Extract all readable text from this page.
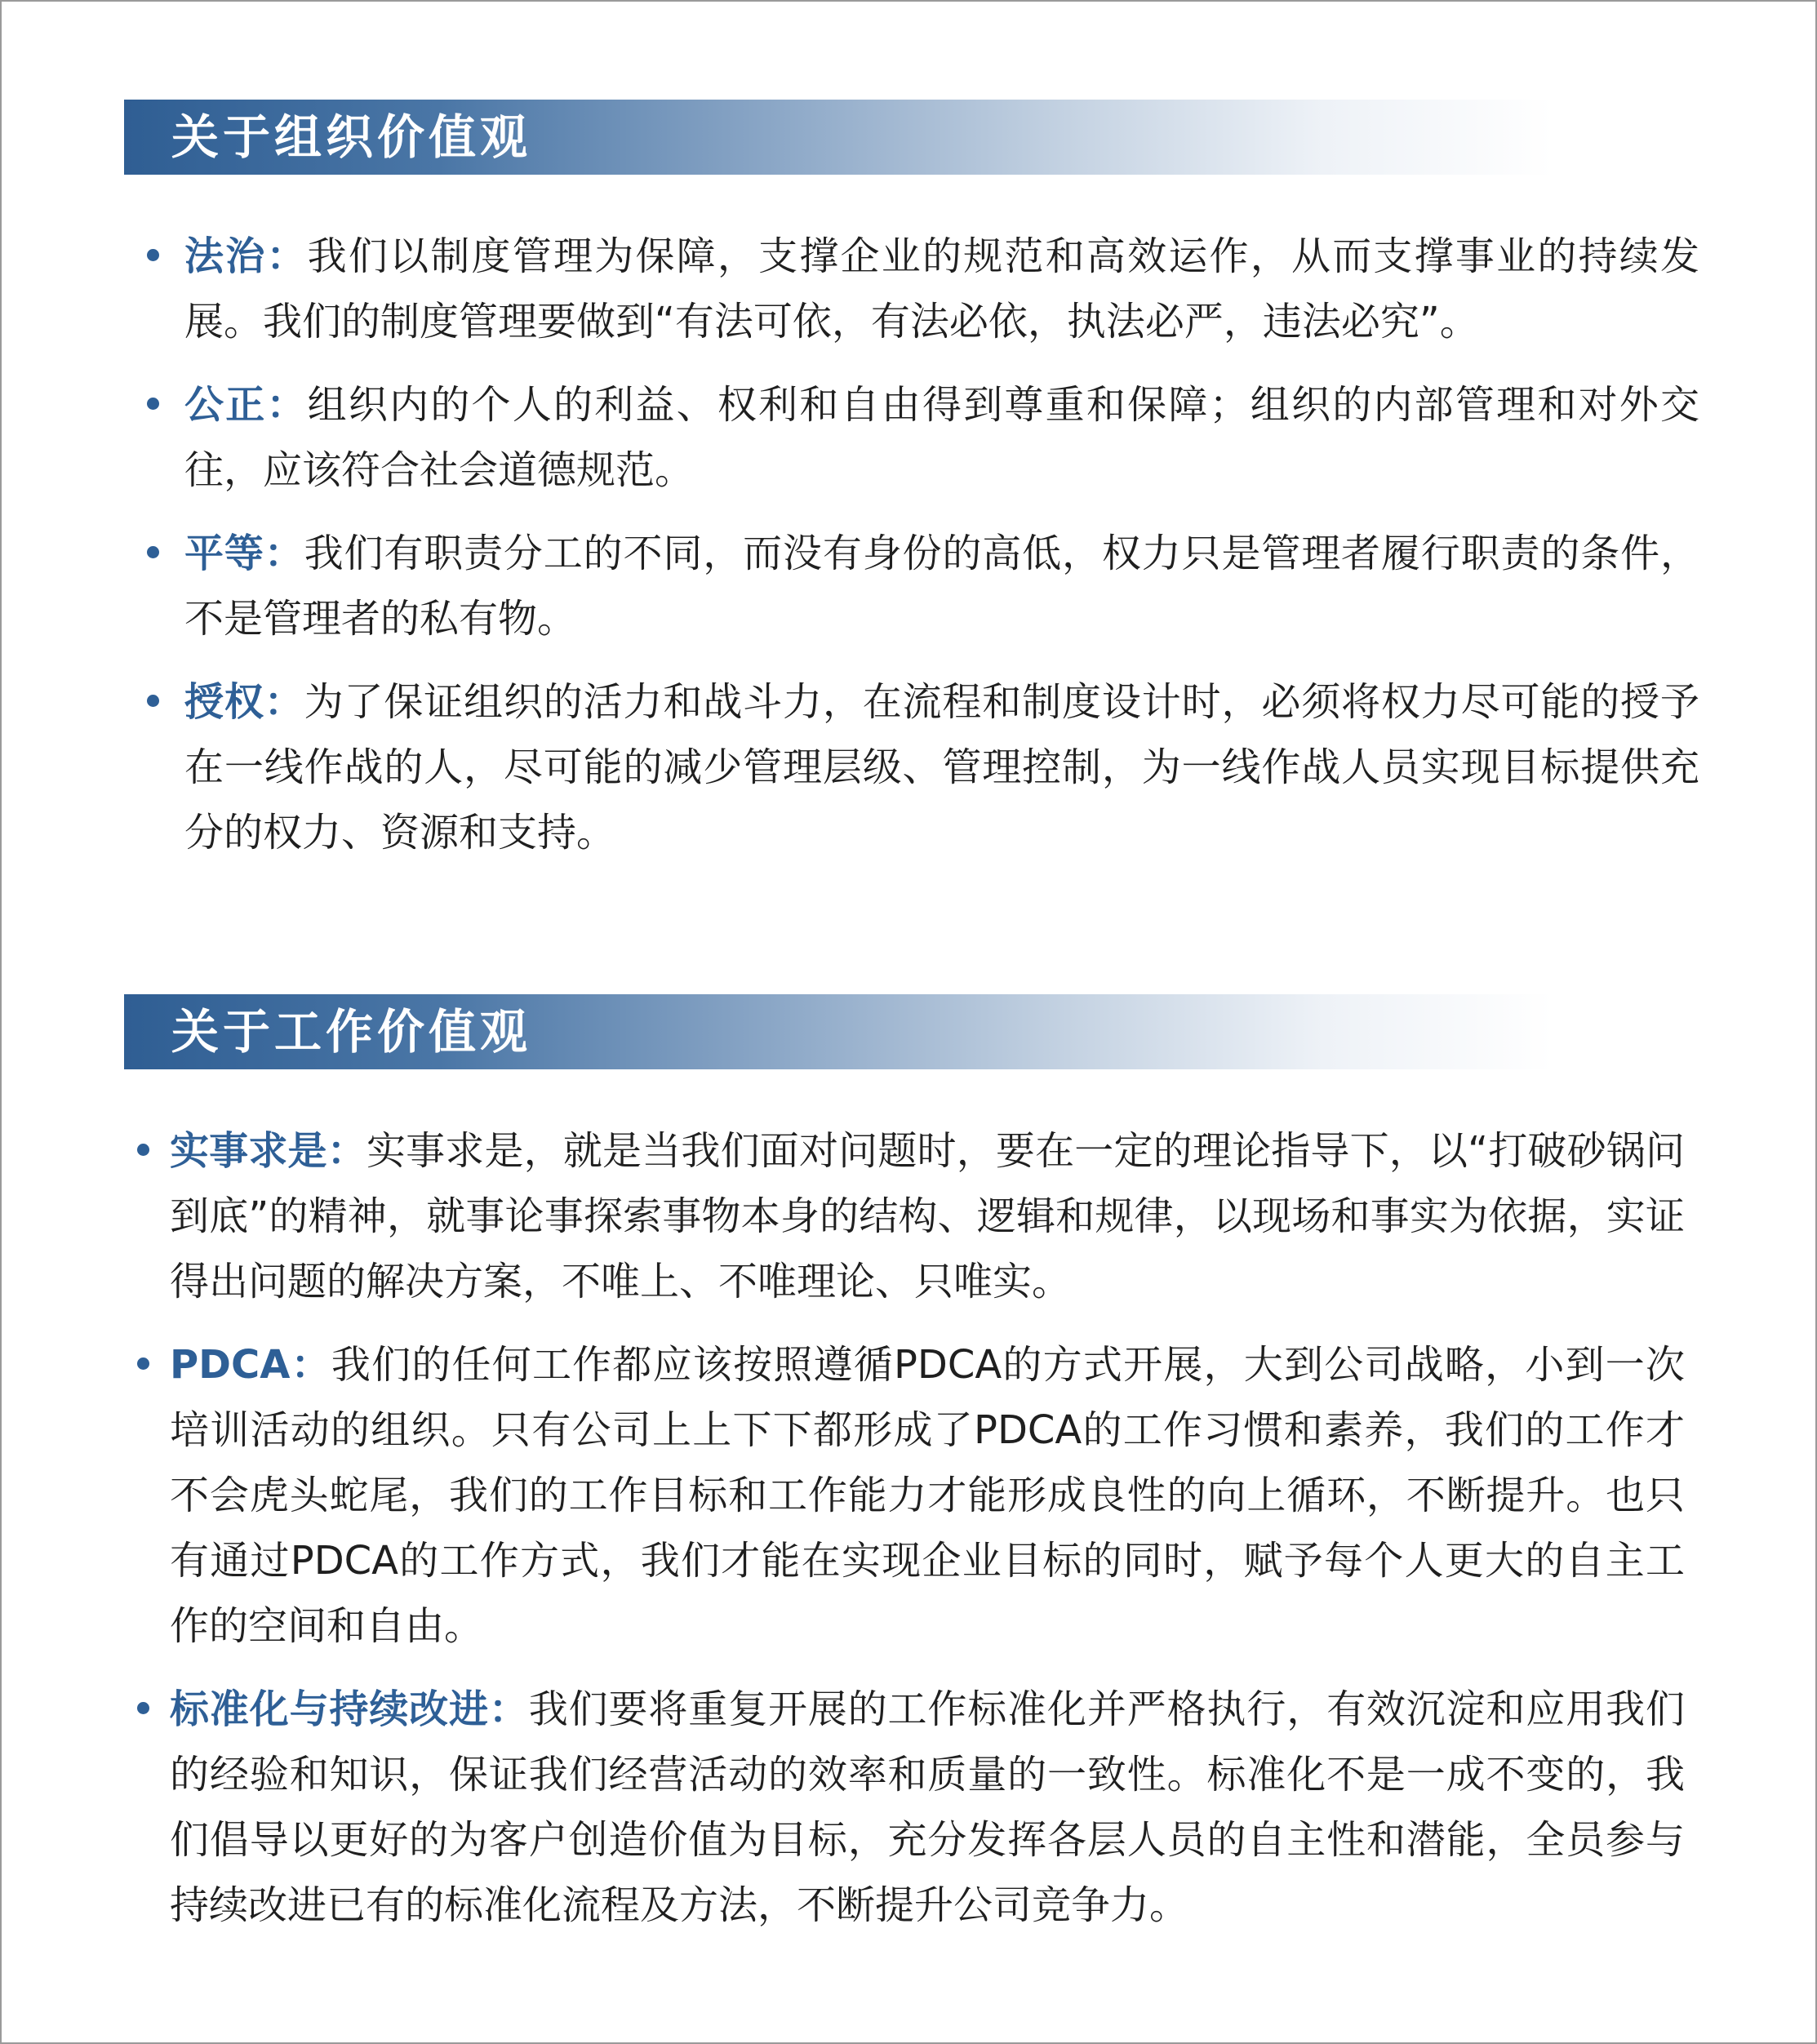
关于组织价值观
法治：我们以制度管理为保障，支撑企业的规范和高效运作，从而支撑事业的持续发展。我们的制度管理要做到“有法可依，有法必依，执法必严，违法必究”。
公正：组织内的个人的利益、权利和自由得到尊重和保障；组织的内部管理和对外交往，应该符合社会道德规范。
平等：我们有职责分工的不同，而没有身份的高低，权力只是管理者履行职责的条件，不是管理者的私有物。
授权：为了保证组织的活力和战斗力，在流程和制度设计时，必须将权力尽可能的授予在一线作战的人，尽可能的减少管理层级、管理控制，为一线作战人员实现目标提供充分的权力、资源和支持。
关于工作价值观
实事求是：实事求是，就是当我们面对问题时，要在一定的理论指导下，以“打破砂锅问到底”的精神，就事论事探索事物本身的结构、逻辑和规律，以现场和事实为依据，实证得出问题的解决方案，不唯上、不唯理论、只唯实。
PDCA：我们的任何工作都应该按照遵循PDCA的方式开展，大到公司战略，小到一次培训活动的组织。只有公司上上下下都形成了PDCA的工作习惯和素养，我们的工作才不会虎头蛇尾，我们的工作目标和工作能力才能形成良性的向上循环，不断提升。也只有通过PDCA的工作方式，我们才能在实现企业目标的同时，赋予每个人更大的自主工作的空间和自由。
标准化与持续改进：我们要将重复开展的工作标准化并严格执行，有效沉淀和应用我们的经验和知识，保证我们经营活动的效率和质量的一致性。标准化不是一成不变的，我们倡导以更好的为客户创造价值为目标，充分发挥各层人员的自主性和潜能，全员参与持续改进已有的标准化流程及方法，不断提升公司竞争力。
